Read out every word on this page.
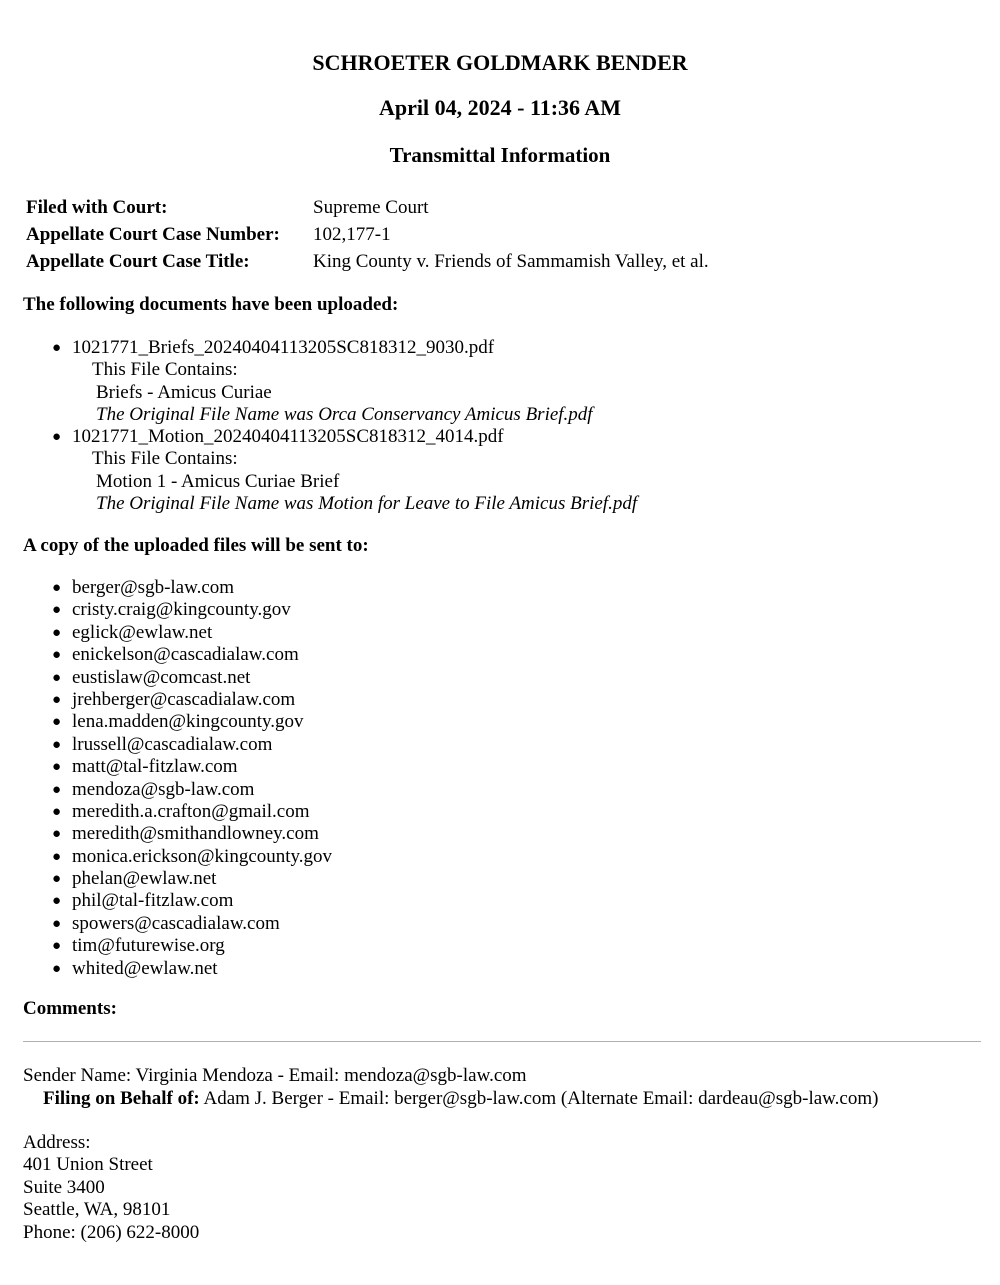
SCHROETER GOLDMARK BENDER
April 04, 2024 - 11:36 AM
Transmittal Information
Filed with Court:	Supreme Court
Appellate Court Case Number:	102,177-1
Appellate Court Case Title:	King County v. Friends of Sammamish Valley, et al.
The following documents have been uploaded:
● 1021771_Briefs_20240404113205SC818312_9030.pdf
This File Contains:
Briefs - Amicus Curiae
The Original File Name was Orca Conservancy Amicus Brief.pdf
● 1021771_Motion_20240404113205SC818312_4014.pdf
This File Contains:
Motion 1 - Amicus Curiae Brief
The Original File Name was Motion for Leave to File Amicus Brief.pdf
A copy of the uploaded files will be sent to:
● berger@sgb-law.com
● cristy.craig@kingcounty.gov
● eglick@ewlaw.net
● enickelson@cascadialaw.com
● eustislaw@comcast.net
● jrehberger@cascadialaw.com
● lena.madden@kingcounty.gov
● lrussell@cascadialaw.com
● matt@tal-fitzlaw.com
● mendoza@sgb-law.com
● meredith.a.crafton@gmail.com
● meredith@smithandlowney.com
● monica.erickson@kingcounty.gov
● phelan@ewlaw.net
● phil@tal-fitzlaw.com
● spowers@cascadialaw.com
● tim@futurewise.org
● whited@ewlaw.net
Comments:
Sender Name: Virginia Mendoza - Email: mendoza@sgb-law.com
Filing on Behalf of: Adam J. Berger - Email: berger@sgb-law.com (Alternate Email: dardeau@sgb-law.com)
Address:
401 Union Street
Suite 3400
Seattle, WA, 98101
Phone: (206) 622-8000
